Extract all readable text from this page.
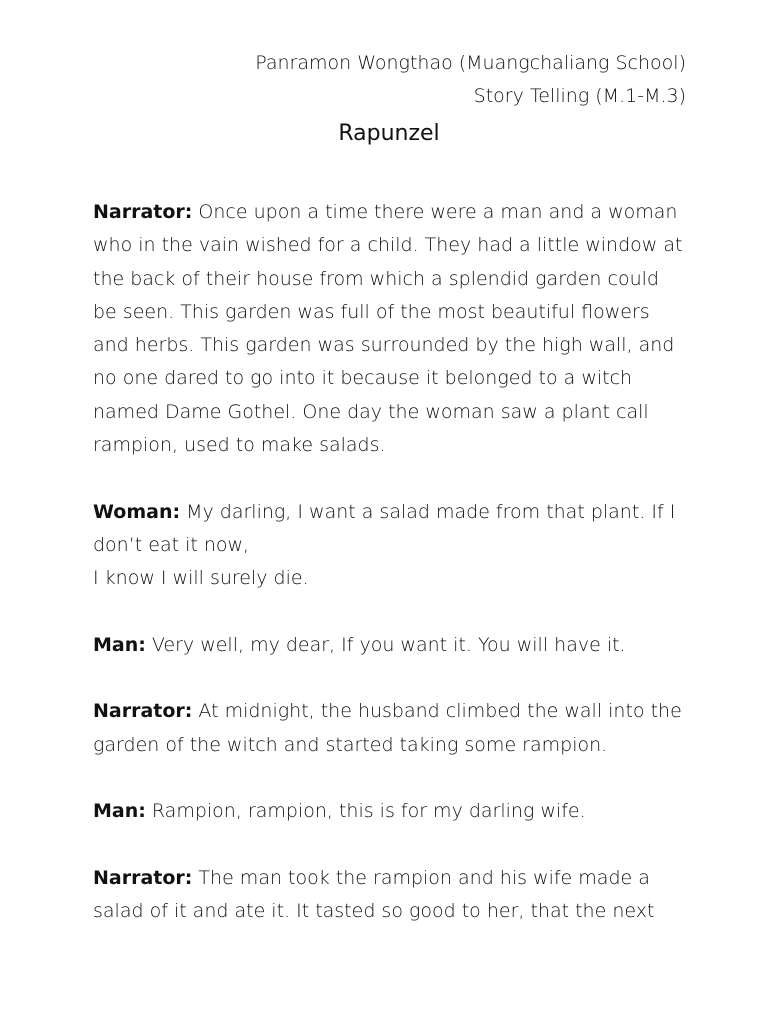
Panramon Wongthao (Muangchaliang School)
Story Telling (M.1-M.3)
Rapunzel
Narrator: Once upon a time there were a man and a woman
who in the vain wished for a child. They had a little window at
the back of their house from which a splendid garden could
be seen. This garden was full of the most beautiful flowers
and herbs. This garden was surrounded by the high wall, and
no one dared to go into it because it belonged to a witch
named Dame Gothel. One day the woman saw a plant call
rampion, used to make salads.
Woman: My darling, I want a salad made from that plant. If I
don’t eat it now,
I know I will surely die.
Man: Very well, my dear, If you want it. You will have it.
Narrator: At midnight, the husband climbed the wall into the
garden of the witch and started taking some rampion.
Man: Rampion, rampion, this is for my darling wife.
Narrator: The man took the rampion and his wife made a
salad of it and ate it. It tasted so good to her, that the next
